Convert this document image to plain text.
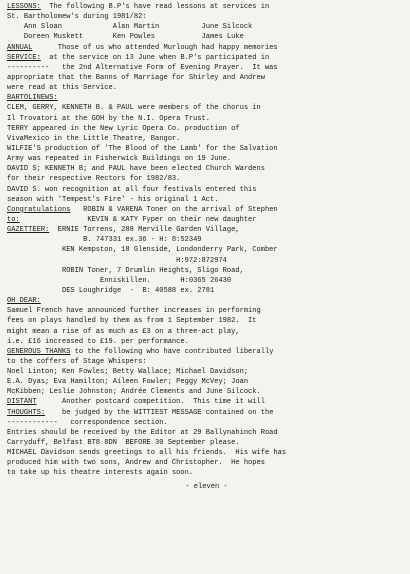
LESSONS:  The following B.P's have read lessons at services in
St. Bartholomew's during 1981/82:
Ann Sloan            Alan Martin          June Silcock
Doreen Muskett       Ken Powles           James Luke
ANNUAL      Those of us who attended Murlough had happy memories
SERVICE:  at the service on 13 June when B.P's participated in
----------   the 2nd Alternative Form of Evening Prayer.  It was
appropriate that the Banns of Marriage for Shirley and Andrew
were read at this Service.
BARTOLINEWS:
CLEM, GERRY, KENNETH B. & PAUL were members of the chorus in
Il Trovatori at the GOH by the N.I. Opera Trust.
TERRY appeared in the New Lyric Opera Co. production of
VivaMexico in the Little Theatre, Bangor.
WILFIE'S production of 'The Blood of the Lamb' for the Salvation
Army was repeated in Fisherwick Buildings on 19 June.
DAVID S; KENNETH B; and PAUL have been elected Church Wardens
for their respective Rectors for 1982/83.
DAVID S. won recognition at all four festivals entered this
season with 'Tempest's Fire' - his original 1 Act.
Congratulations   ROBIN & VARENA Toner on the arrival of Stephen
to:                KEVIN & KATY Fyper on their new daughter
GAZETTEER:  ERNIE Torrens, 288 Merville Garden Village,
B. 747331 ex.36 - H: 8:52349
KEN Kempston, 18 Glenside, Londonderry Park, Comber
H:972:872974
ROBIN Toner, 7 Drumlin Heights, Sligo Road,
Enniskillen.       H:0365 26430
DES Loughridge  -  B: 40588 ex. 2781
OH DEAR:
Samuel French have announced further increases in performing
fees on plays handled by them as from 1 September 1982.  It
might mean a rise of as much as £3 on a three-act play,
i.e. £16 increased to £19. per performance.
GENEROUS THANKS to the following who have contributed liberally
to the coffers of Stage Whispers:
Noel Linton; Ken Fowles; Betty Wallace; Michael Davidson;
E.A. Dyas; Eva Hamilton; Aileen Fowler; Peggy McVey; Joan
McKibben; Leslie Johnston; Andrée Clements and June Silcock.
DISTANT      Another postcard competition.  This time it will
THOUGHTS:    be judged by the WITTIEST MESSAGE contained on the
------------   correspondence section.
Entries should be received by the Editor at 29 Ballynahinch Road
Carryduff, Belfast BT8 8DN  BEFORE 30 September please.
MICHAEL Davidson sends greetings to all his friends.  His wife has
produced him with two sons, Andrew and Christopher.  He hopes
to take up his theatre interests again soon.
- eleven -
